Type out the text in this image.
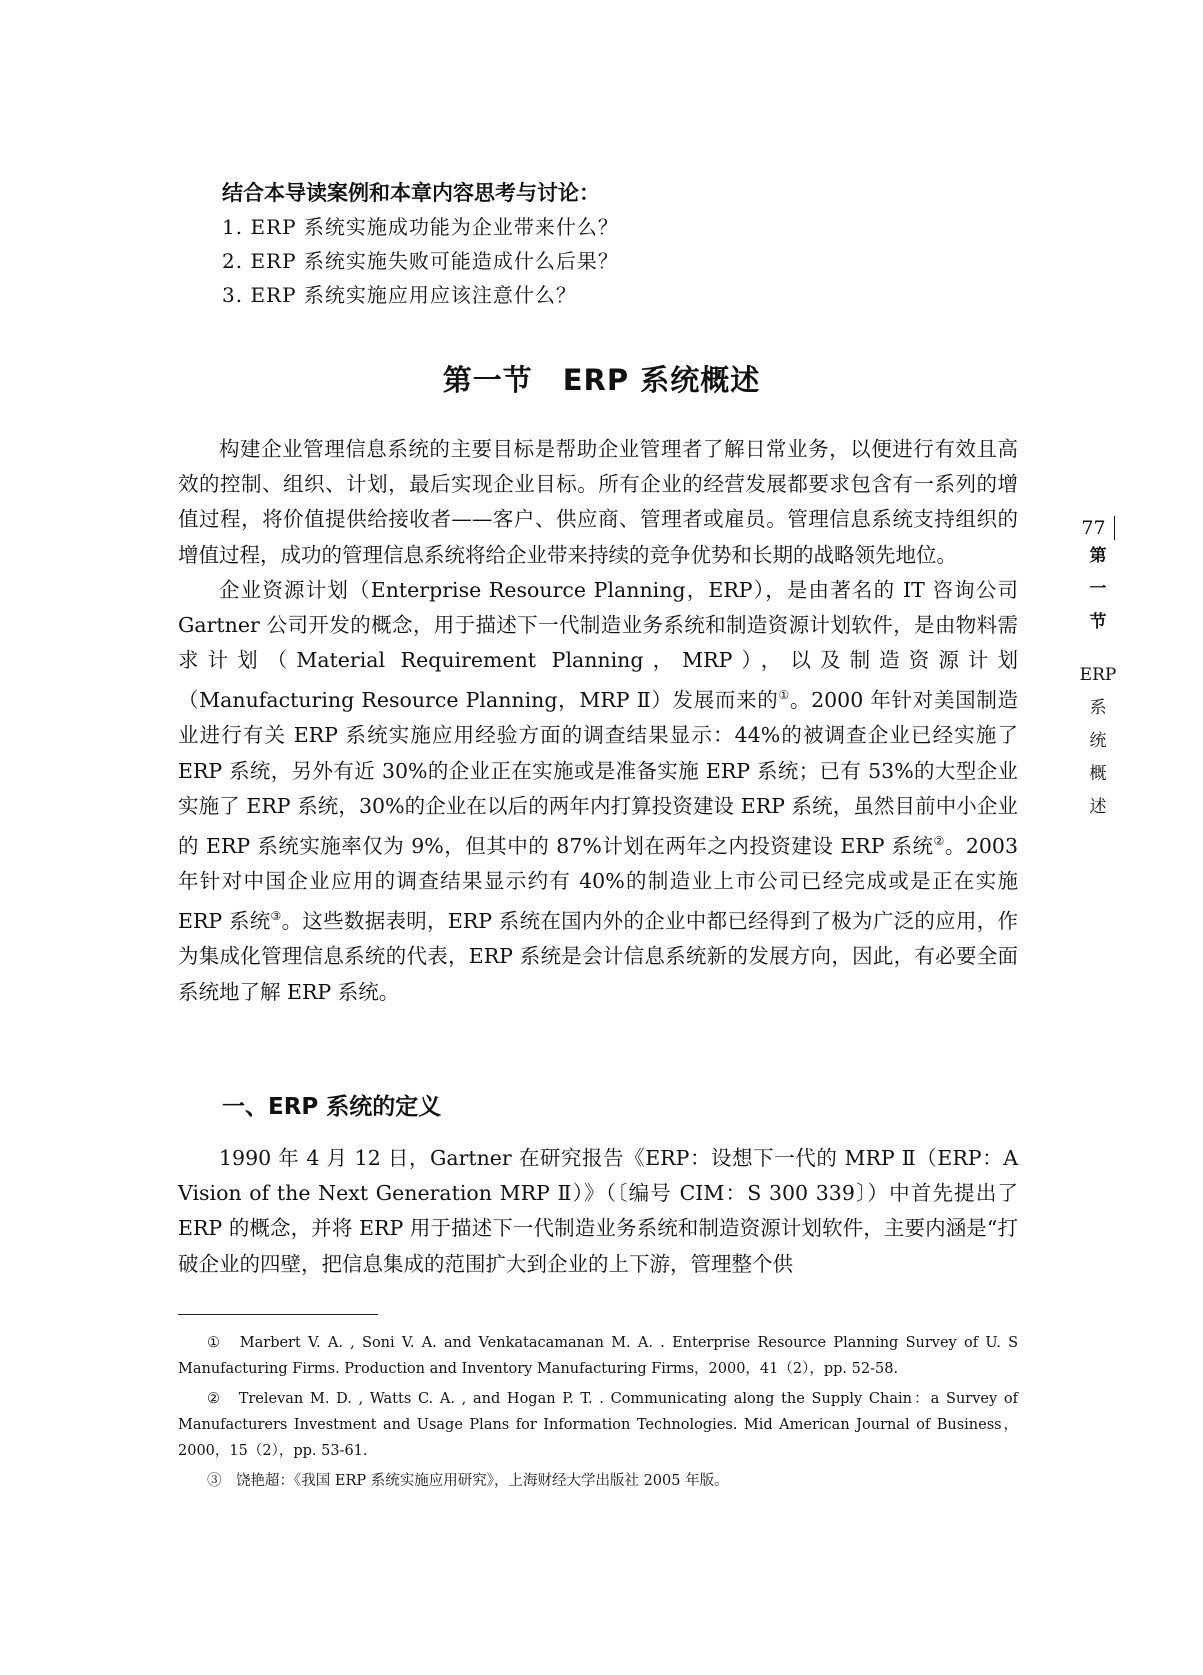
结合本导读案例和本章内容思考与讨论：

1. ERP 系统实施成功能为企业带来什么？

2. ERP 系统实施失败可能造成什么后果？

3. ERP 系统实施应用应该注意什么？

第一节　ERP 系统概述

构建企业管理信息系统的主要目标是帮助企业管理者了解日常业务，以便进行有效且高效的控制、组织、计划，最后实现企业目标。所有企业的经营发展都要求包含有一系列的增值过程，将价值提供给接收者——客户、供应商、管理者或雇员。管理信息系统支持组织的增值过程，成功的管理信息系统将给企业带来持续的竞争优势和长期的战略领先地位。

企业资源计划（Enterprise Resource Planning，ERP），是由著名的 IT 咨询公司 Gartner 公司开发的概念，用于描述下一代制造业务系统和制造资源计划软件，是由物料需求计划（Material Requirement Planning，MRP），以及制造资源计划（Manufacturing Resource Planning，MRP Ⅱ）发展而来的①。2000 年针对美国制造业进行有关 ERP 系统实施应用经验方面的调查结果显示：44%的被调查企业已经实施了 ERP 系统，另外有近 30%的企业正在实施或是准备实施 ERP 系统；已有 53%的大型企业实施了 ERP 系统，30%的企业在以后的两年内打算投资建设 ERP 系统，虽然目前中小企业的 ERP 系统实施率仅为 9%，但其中的 87%计划在两年之内投资建设 ERP 系统②。2003 年针对中国企业应用的调查结果显示约有 40%的制造业上市公司已经完成或是正在实施 ERP 系统③。这些数据表明，ERP 系统在国内外的企业中都已经得到了极为广泛的应用，作为集成化管理信息系统的代表，ERP 系统是会计信息系统新的发展方向，因此，有必要全面系统地了解 ERP 系统。

一、ERP 系统的定义

1990 年 4 月 12 日，Gartner 在研究报告《ERP：设想下一代的 MRP Ⅱ（ERP：A Vision of the Next Generation MRP Ⅱ）》（〔编号 CIM：S 300 339〕）中首先提出了 ERP 的概念，并将 ERP 用于描述下一代制造业务系统和制造资源计划软件，主要内涵是“打破企业的四壁，把信息集成的范围扩大到企业的上下游，管理整个供

①　Marbert V. A. , Soni V. A. and Venkatacamanan M. A. . Enterprise Resource Planning Survey of U. S Manufacturing Firms. Production and Inventory Manufacturing Firms，2000，41（2），pp. 52-58.

②　Trelevan M. D. , Watts C. A. , and Hogan P. T. . Communicating along the Supply Chain：a Survey of Manufacturers Investment and Usage Plans for Information Technologies. Mid American Journal of Business，2000，15（2），pp. 53-61.

③　饶艳超：《我国 ERP 系统实施应用研究》，上海财经大学出版社 2005 年版。

77

第

一

节

ERP

系

统

概

述
